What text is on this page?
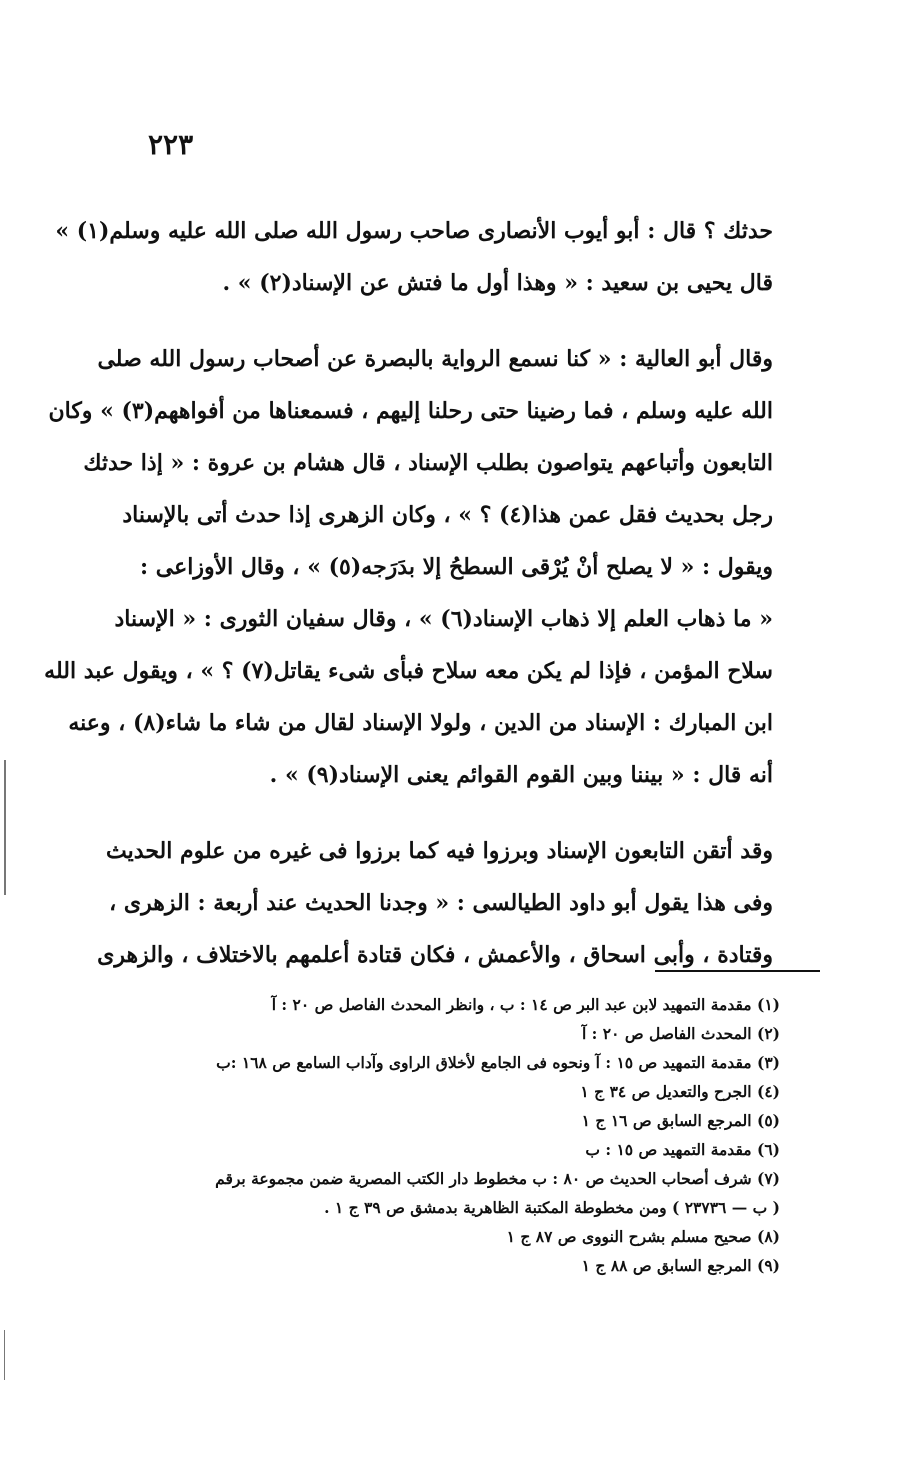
٢٢٣
حدثك ؟ قال : أبو أيوب الأنصارى صاحب رسول الله صلى الله عليه وسلم(١) »
قال يحيى بن سعيد : « وهذا أول ما فتش عن الإسناد(٢) » .
وقال أبو العالية : « كنا نسمع الرواية بالبصرة عن أصحاب رسول الله صلى
الله عليه وسلم ، فما رضينا حتى رحلنا إليهم ، فسمعناها من أفواههم(٣) » وكان
التابعون وأتباعهم يتواصون بطلب الإسناد ، قال هشام بن عروة : « إذا حدثك
رجل بحديث فقل عمن هذا(٤) ؟ » ، وكان الزهرى إذا حدث أتى بالإسناد
ويقول : « لا يصلح أنْ يُرْقى السطحُ إلا بدَرَجه(٥) » ، وقال الأوزاعى :
« ما ذهاب العلم إلا ذهاب الإسناد(٦) » ، وقال سفيان الثورى : « الإسناد
سلاح المؤمن ، فإذا لم يكن معه سلاح فبأى شىء يقاتل(٧) ؟ » ، ويقول عبد الله
ابن المبارك : الإسناد من الدين ، ولولا الإسناد لقال من شاء ما شاء(٨) ، وعنه
أنه قال : « بيننا وبين القوم القوائم يعنى الإسناد(٩) » .
وقد أتقن التابعون الإسناد وبرزوا فيه كما برزوا فى غيره من علوم الحديث
وفى هذا يقول أبو داود الطيالسى : « وجدنا الحديث عند أربعة : الزهرى ،
وقتادة ، وأبى اسحاق ، والأعمش ، فكان قتادة أعلمهم بالاختلاف ، والزهرى
(١) مقدمة التمهيد لابن عبد البر ص ١٤ : ب ، وانظر المحدث الفاصل ص ٢٠ : آ
(٢) المحدث الفاصل ص ٢٠ : آ
(٣) مقدمة التمهيد ص ١٥ : آ ونحوه فى الجامع لأخلاق الراوى وآداب السامع ص ١٦٨ :ب
(٤) الجرح والتعديل ص ٣٤ ج ١
(٥) المرجع السابق ص ١٦ ج ١
(٦) مقدمة التمهيد ص ١٥ : ب
(٧) شرف أصحاب الحديث ص ٨٠ : ب مخطوط دار الكتب المصرية ضمن مجموعة برقم
( ب — ٢٣٧٣٦ ) ومن مخطوطة المكتبة الظاهرية بدمشق ص ٣٩ ج ١ .
(٨) صحيح مسلم بشرح النووى ص ٨٧ ج ١
(٩) المرجع السابق ص ٨٨ ج ١
